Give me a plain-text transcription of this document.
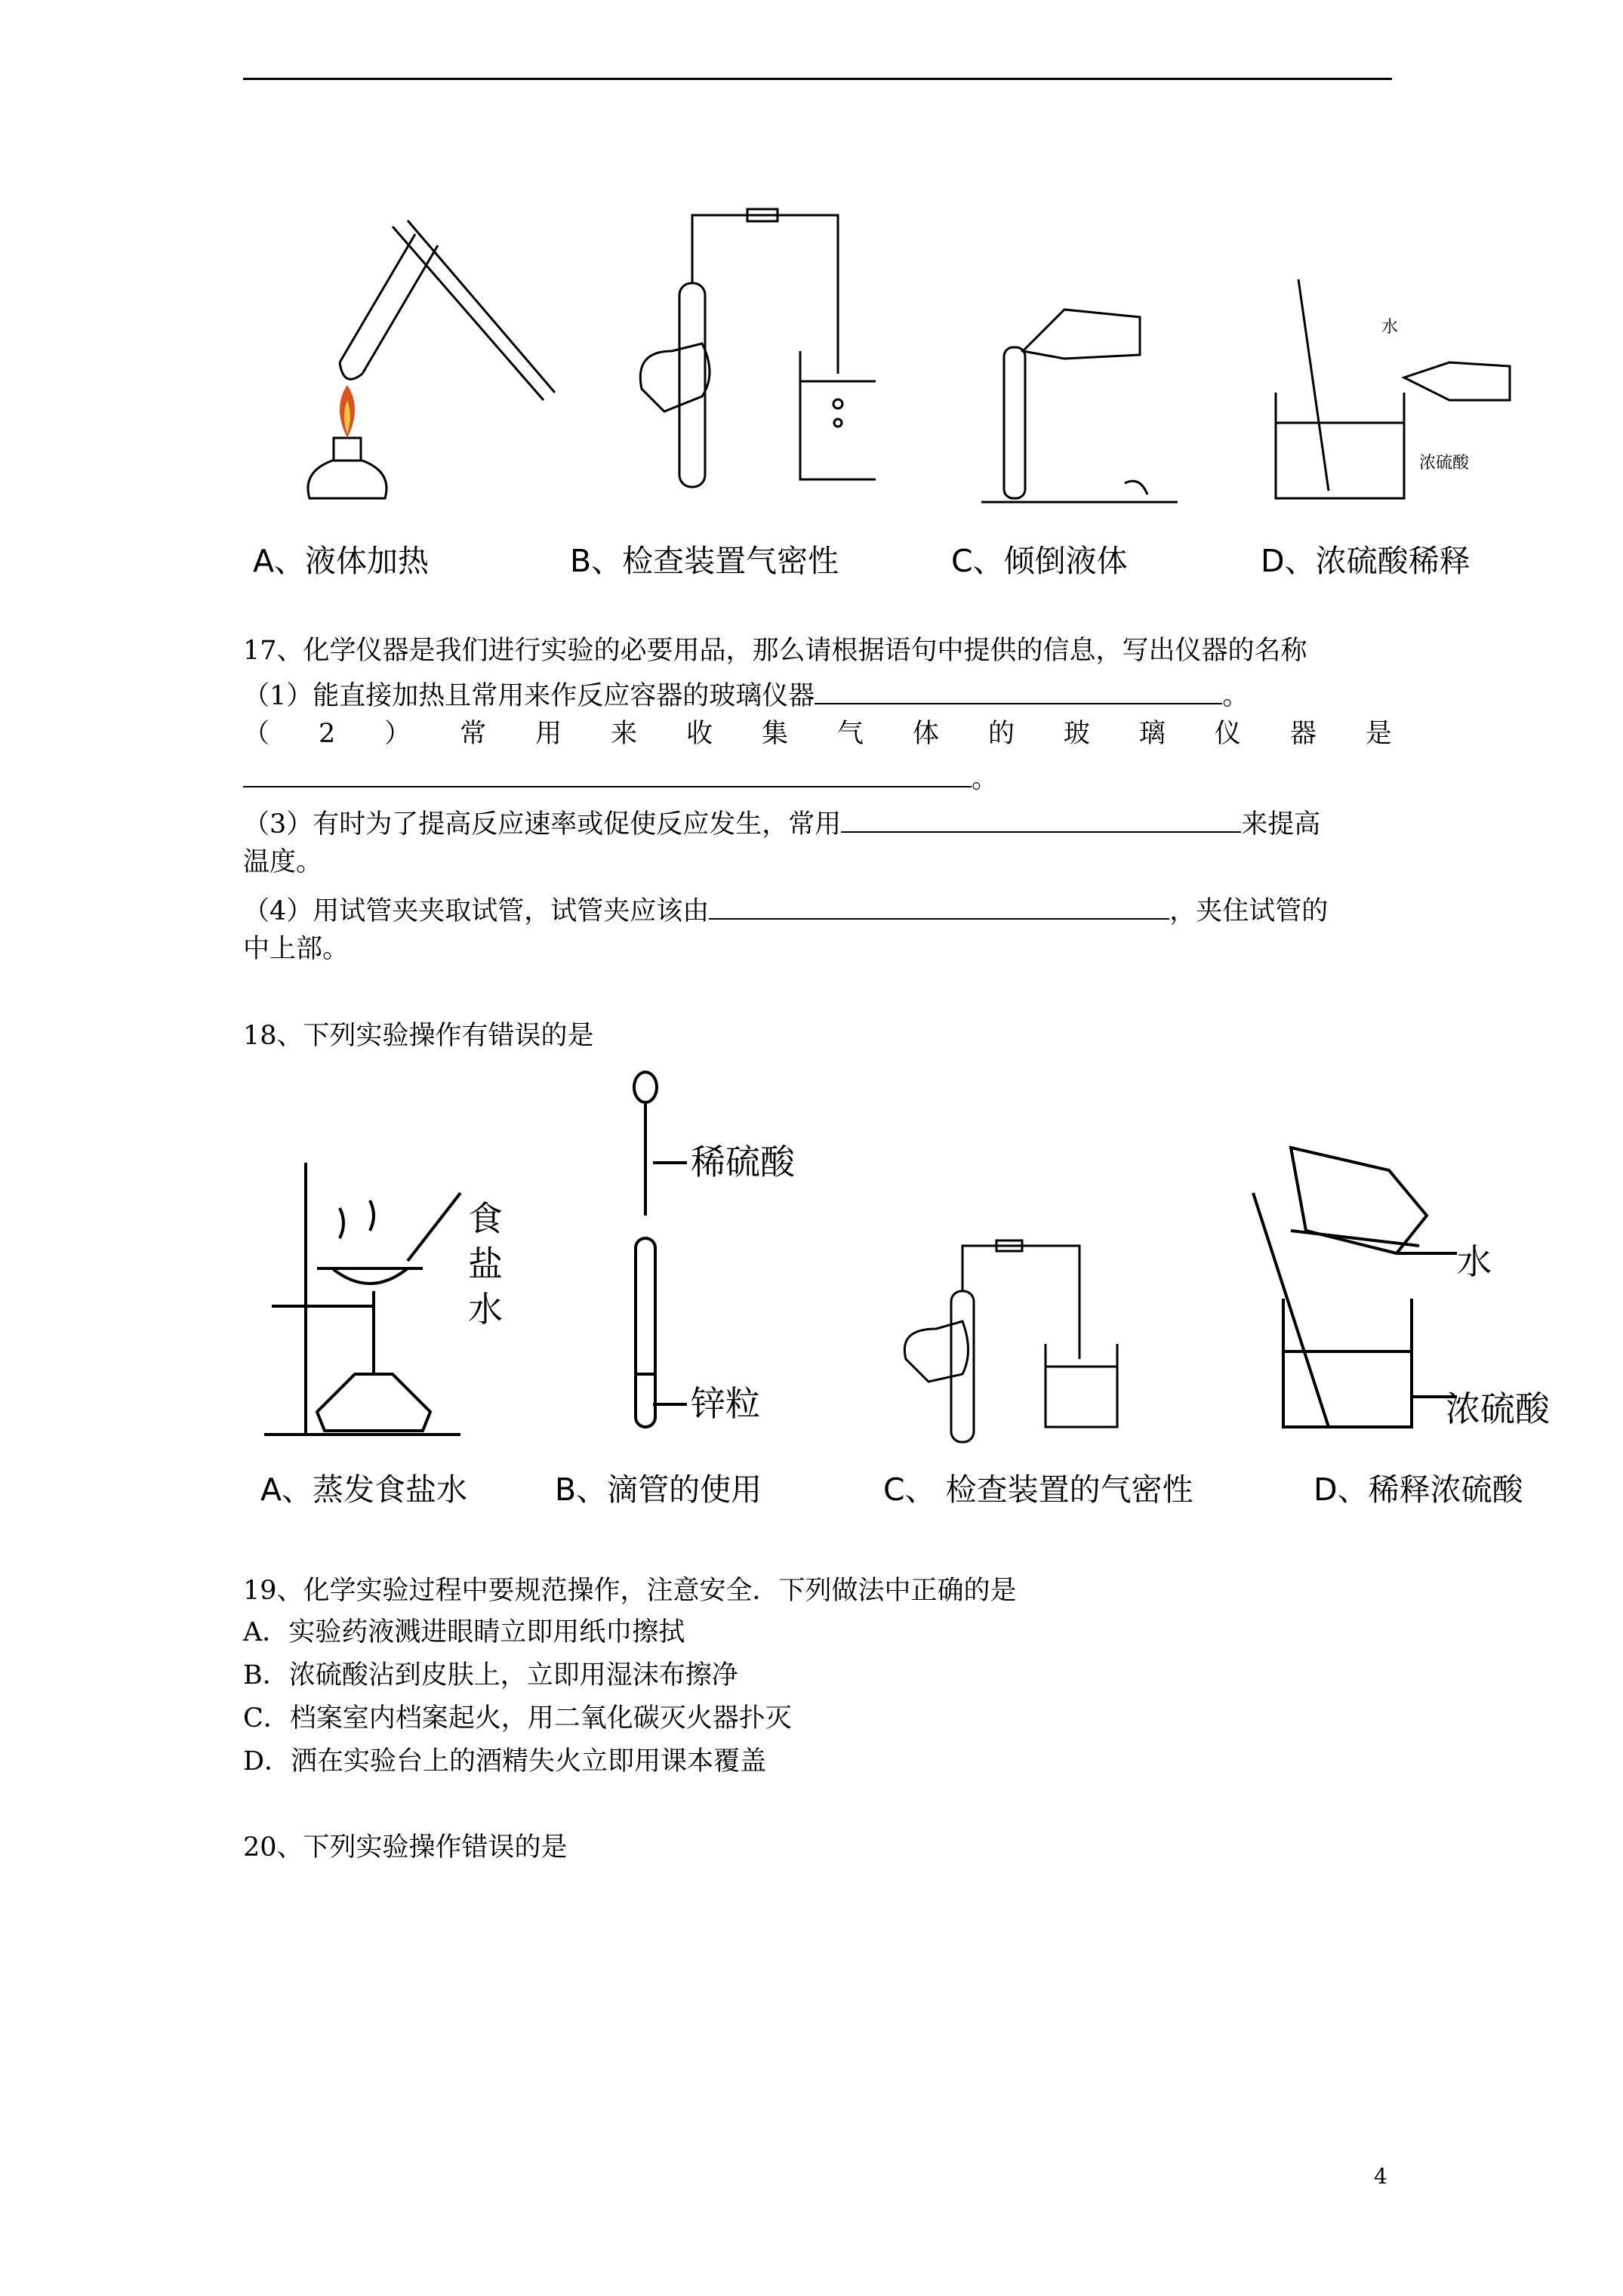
水
浓硫酸
A、液体加热	B、检查装置气密性	C、倾倒液体	D、浓硫酸稀释
17、化学仪器是我们进行实验的必要用品，那么请根据语句中提供的信息，写出仪器的名称
（1）能直接加热且常用来作反应容器的玻璃仪器	。
（ 2 ） 常 用 来 收 集 气 体 的 玻 璃 仪 器 是
。
（3）有时为了提高反应速率或促使反应发生，常用	来提高
温度。
（4）用试管夹夹取试管，试管夹应该由	，夹住试管的
中上部。
18、下列实验操作有错误的是
食
盐
水
稀硫酸
锌粒
水
浓硫酸
A、蒸发食盐水	B、滴管的使用	C、 检查装置的气密性	D、稀释浓硫酸
19、化学实验过程中要规范操作，注意安全．下列做法中正确的是
A．实验药液溅进眼睛立即用纸巾擦拭
B．浓硫酸沾到皮肤上，立即用湿沫布擦净
C．档案室内档案起火，用二氧化碳灭火器扑灭
D．洒在实验台上的酒精失火立即用课本覆盖
20、下列实验操作错误的是
4
